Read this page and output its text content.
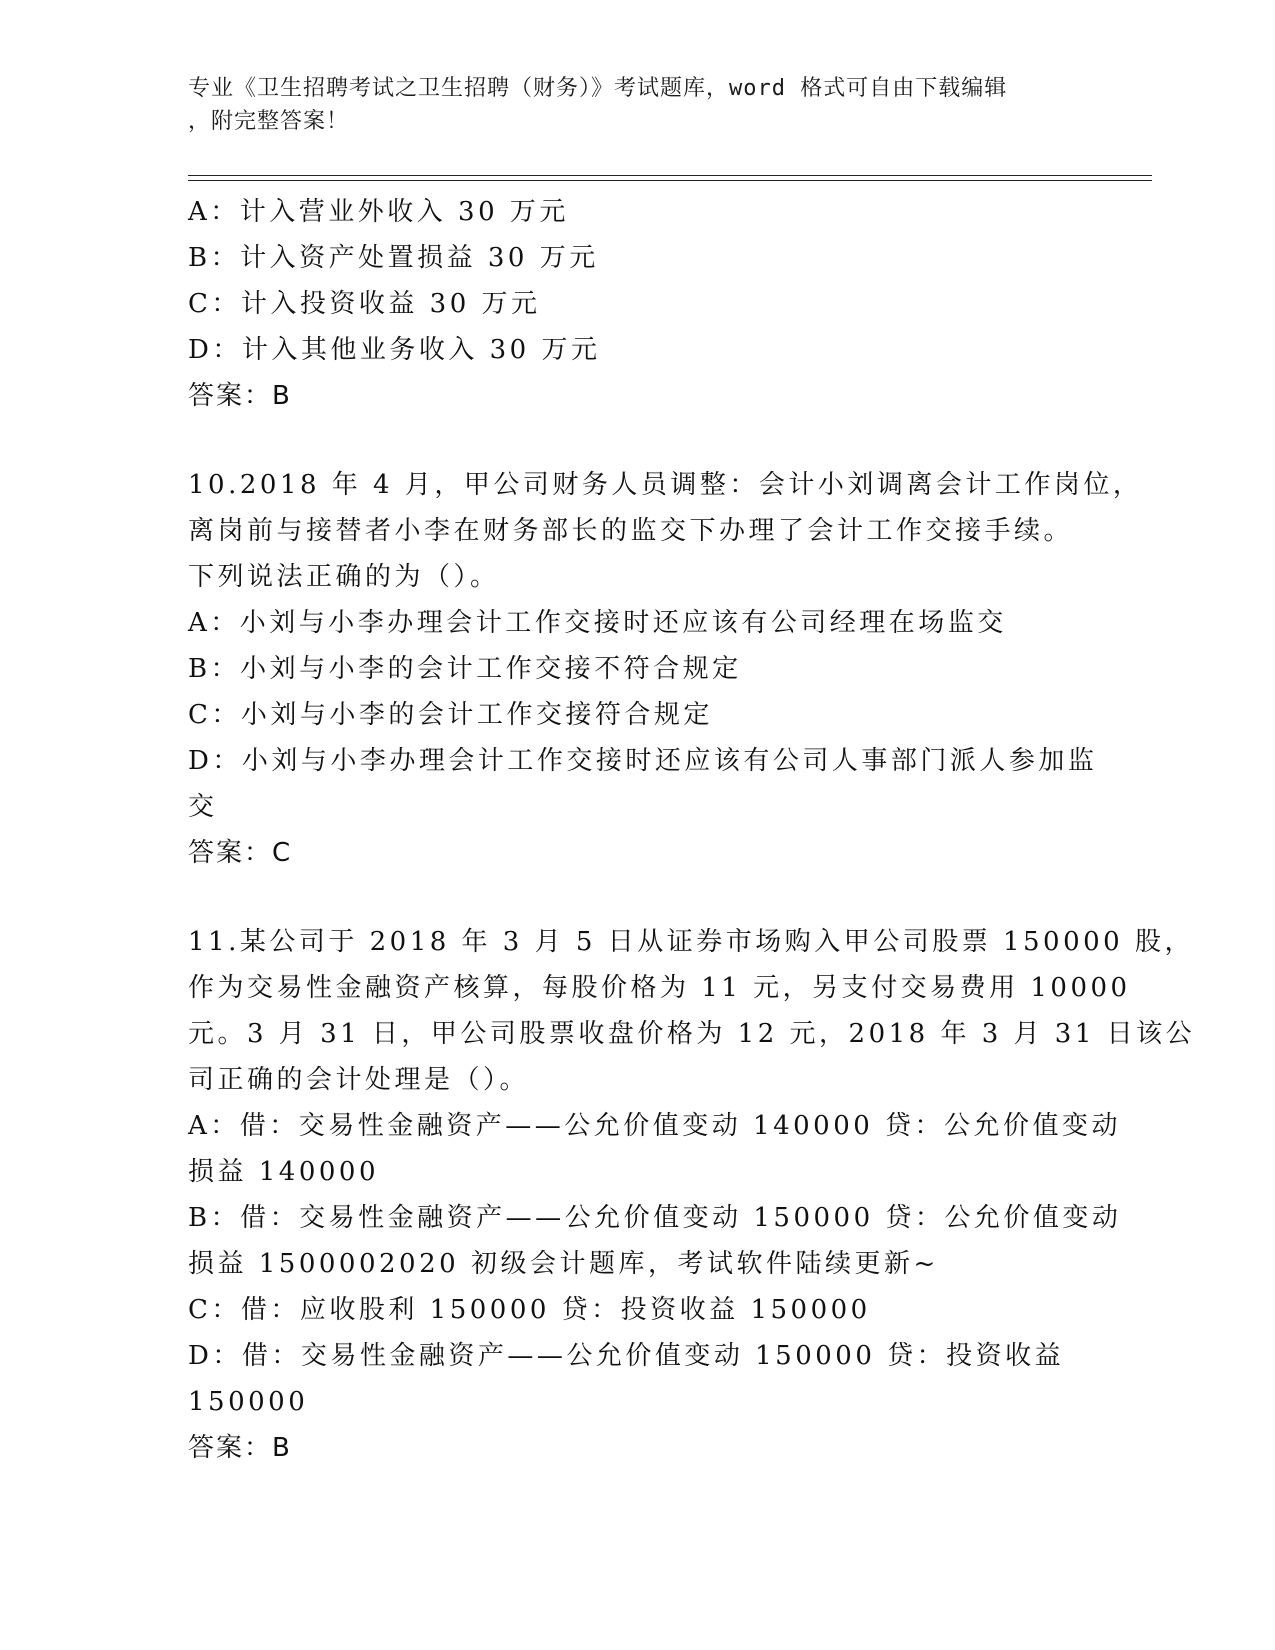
专业《卫生招聘考试之卫生招聘（财务）》考试题库，word 格式可自由下载编辑
，附完整答案！
A：计入营业外收入 30 万元
B：计入资产处置损益 30 万元
C：计入投资收益 30 万元
D：计入其他业务收入 30 万元
答案：B
10.2018 年 4 月，甲公司财务人员调整：会计小刘调离会计工作岗位，
离岗前与接替者小李在财务部长的监交下办理了会计工作交接手续。
下列说法正确的为（）。
A：小刘与小李办理会计工作交接时还应该有公司经理在场监交
B：小刘与小李的会计工作交接不符合规定
C：小刘与小李的会计工作交接符合规定
D：小刘与小李办理会计工作交接时还应该有公司人事部门派人参加监
交
答案：C
11.某公司于 2018 年 3 月 5 日从证券市场购入甲公司股票 150000 股，
作为交易性金融资产核算，每股价格为 11 元，另支付交易费用 10000
元。3 月 31 日，甲公司股票收盘价格为 12 元，2018 年 3 月 31 日该公
司正确的会计处理是（）。
A：借：交易性金融资产——公允价值变动 140000 贷：公允价值变动
损益 140000
B：借：交易性金融资产——公允价值变动 150000 贷：公允价值变动
损益 1500002020 初级会计题库，考试软件陆续更新~
C：借：应收股利 150000 贷：投资收益 150000
D：借：交易性金融资产——公允价值变动 150000 贷：投资收益
150000
答案：B
